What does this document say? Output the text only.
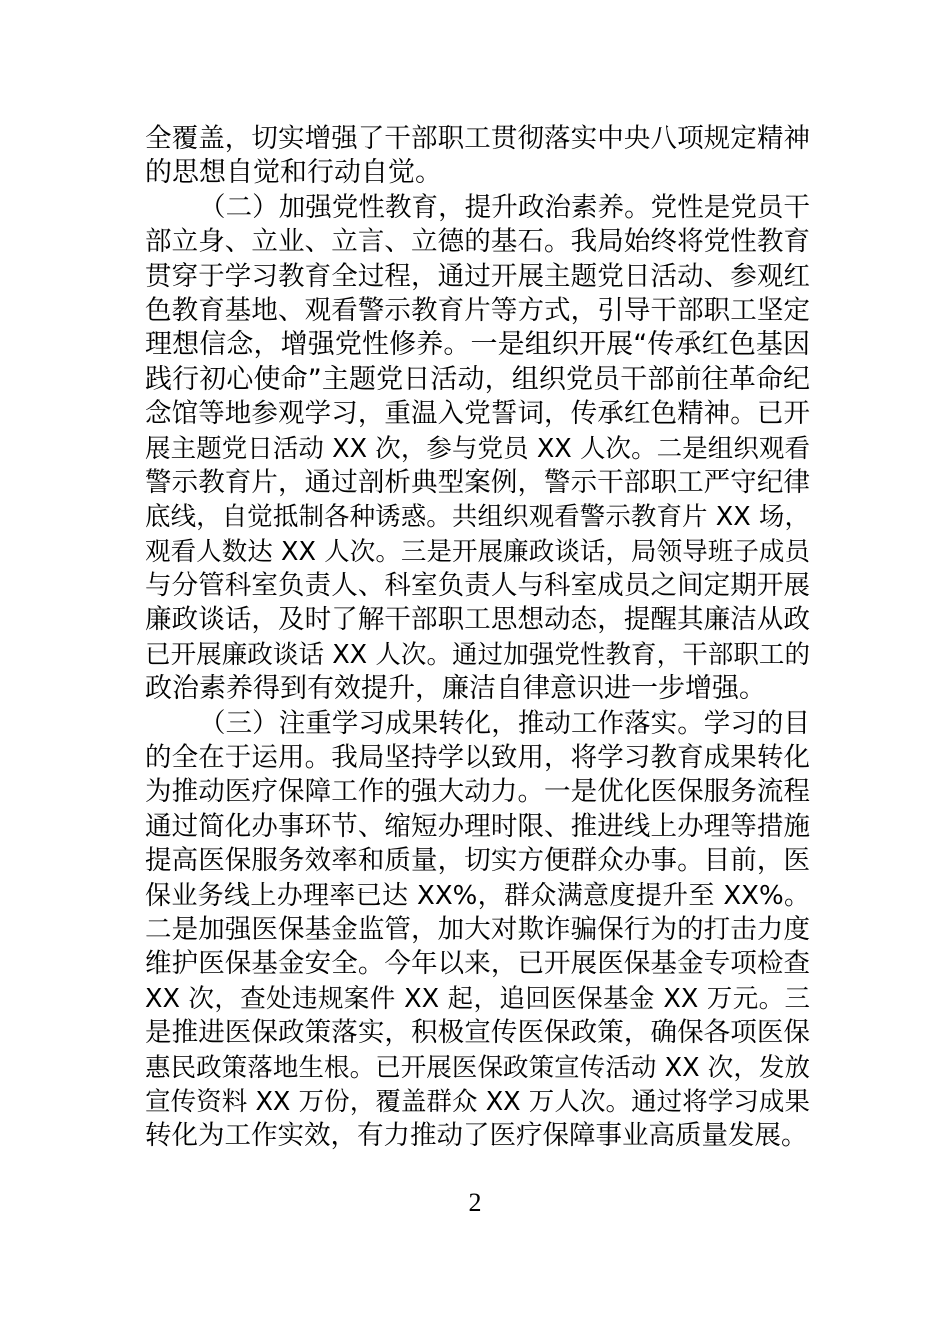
全覆盖，切实增强了干部职工贯彻落实中央八项规定精神
的思想自觉和行动自觉。
（二）加强党性教育，提升政治素养。党性是党员干
部立身、立业、立言、立德的基石。我局始终将党性教育
贯穿于学习教育全过程，通过开展主题党日活动、参观红
色教育基地、观看警示教育片等方式，引导干部职工坚定
理想信念，增强党性修养。一是组织开展“传承红色基因
践行初心使命”主题党日活动，组织党员干部前往革命纪
念馆等地参观学习，重温入党誓词，传承红色精神。已开
展主题党日活动 XX 次，参与党员 XX 人次。二是组织观看
警示教育片，通过剖析典型案例，警示干部职工严守纪律
底线，自觉抵制各种诱惑。共组织观看警示教育片 XX 场，
观看人数达 XX 人次。三是开展廉政谈话，局领导班子成员
与分管科室负责人、科室负责人与科室成员之间定期开展
廉政谈话，及时了解干部职工思想动态，提醒其廉洁从政
已开展廉政谈话 XX 人次。通过加强党性教育，干部职工的
政治素养得到有效提升，廉洁自律意识进一步增强。
（三）注重学习成果转化，推动工作落实。学习的目
的全在于运用。我局坚持学以致用，将学习教育成果转化
为推动医疗保障工作的强大动力。一是优化医保服务流程
通过简化办事环节、缩短办理时限、推进线上办理等措施
提高医保服务效率和质量，切实方便群众办事。目前，医
保业务线上办理率已达 XX%，群众满意度提升至 XX%。
二是加强医保基金监管，加大对欺诈骗保行为的打击力度
维护医保基金安全。今年以来，已开展医保基金专项检查
XX 次，查处违规案件 XX 起，追回医保基金 XX 万元。三
是推进医保政策落实，积极宣传医保政策，确保各项医保
惠民政策落地生根。已开展医保政策宣传活动 XX 次，发放
宣传资料 XX 万份，覆盖群众 XX 万人次。通过将学习成果
转化为工作实效，有力推动了医疗保障事业高质量发展。
2
